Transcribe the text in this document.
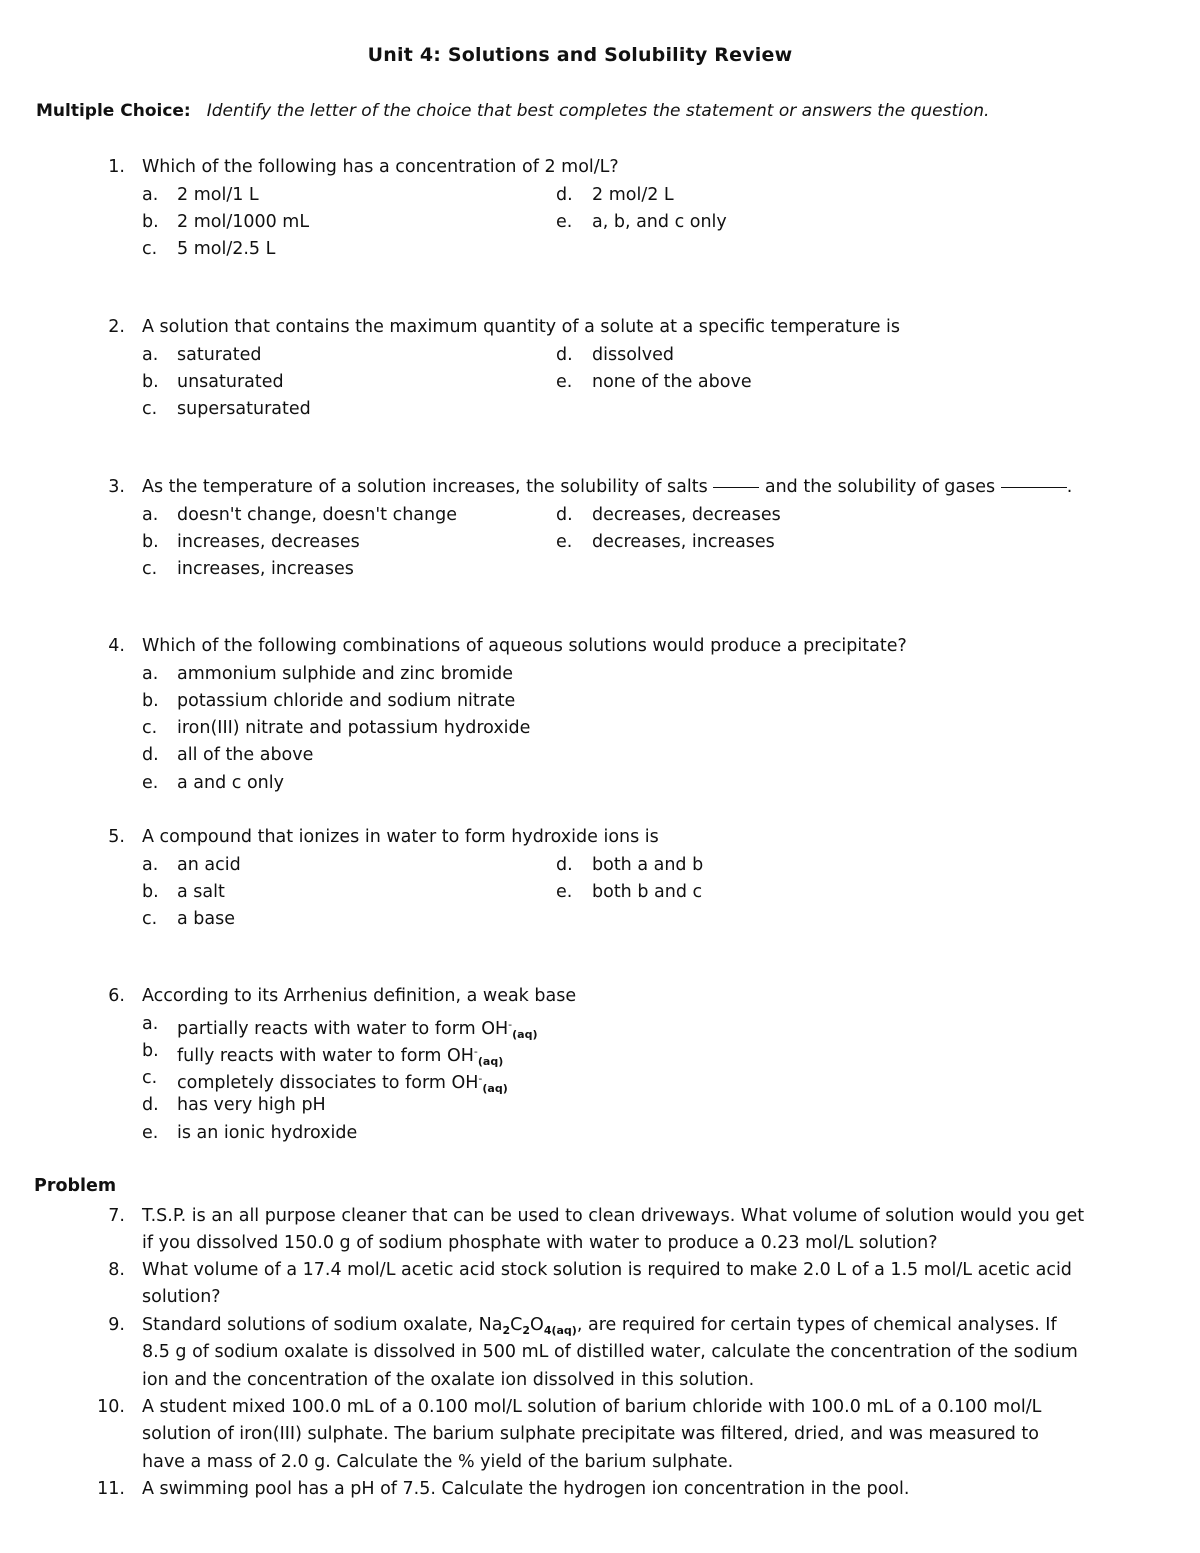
Unit 4: Solutions and Solubility Review
Multiple Choice: Identify the letter of the choice that best completes the statement or answers the question.
1. Which of the following has a concentration of 2 mol/L?
a. 2 mol/1 L	d. 2 mol/2 L
b. 2 mol/1000 mL	e. a, b, and c only
c. 5 mol/2.5 L
2. A solution that contains the maximum quantity of a solute at a specific temperature is
a. saturated	d. dissolved
b. unsaturated	e. none of the above
c. supersaturated
3. As the temperature of a solution increases, the solubility of salts	and the solubility of gases	.
a. doesn't change, doesn't change	d. decreases, decreases
b. increases, decreases	e. decreases, increases
c. increases, increases
4. Which of the following combinations of aqueous solutions would produce a precipitate?
a. ammonium sulphide and zinc bromide
b. potassium chloride and sodium nitrate
c. iron(III) nitrate and potassium hydroxide
d. all of the above
e. a and c only
5. A compound that ionizes in water to form hydroxide ions is
a. an acid	d. both a and b
b. a salt	e. both b and c
c. a base
6. According to its Arrhenius definition, a weak base
a. partially reacts with water to form $OH^-_{(aq)}$
b. fully reacts with water to form $OH^-_{(aq)}$
c. completely dissociates to form $OH^-_{(aq)}$
d. has very high pH
e. is an ionic hydroxide
Problem
7. T.S.P. is an all purpose cleaner that can be used to clean driveways. What volume of solution would you get
if you dissolved 150.0 g of sodium phosphate with water to produce a 0.23 mol/L solution?
8. What volume of a 17.4 mol/L acetic acid stock solution is required to make 2.0 L of a 1.5 mol/L acetic acid
solution?
9. Standard solutions of sodium oxalate, $Na_2C_2O_{4(aq)}$, are required for certain types of chemical analyses. If
8.5 g of sodium oxalate is dissolved in 500 mL of distilled water, calculate the concentration of the sodium
ion and the concentration of the oxalate ion dissolved in this solution.
10. A student mixed 100.0 mL of a 0.100 mol/L solution of barium chloride with 100.0 mL of a 0.100 mol/L
solution of iron(III) sulphate. The barium sulphate precipitate was filtered, dried, and was measured to
have a mass of 2.0 g. Calculate the % yield of the barium sulphate.
11. A swimming pool has a pH of 7.5. Calculate the hydrogen ion concentration in the pool.
